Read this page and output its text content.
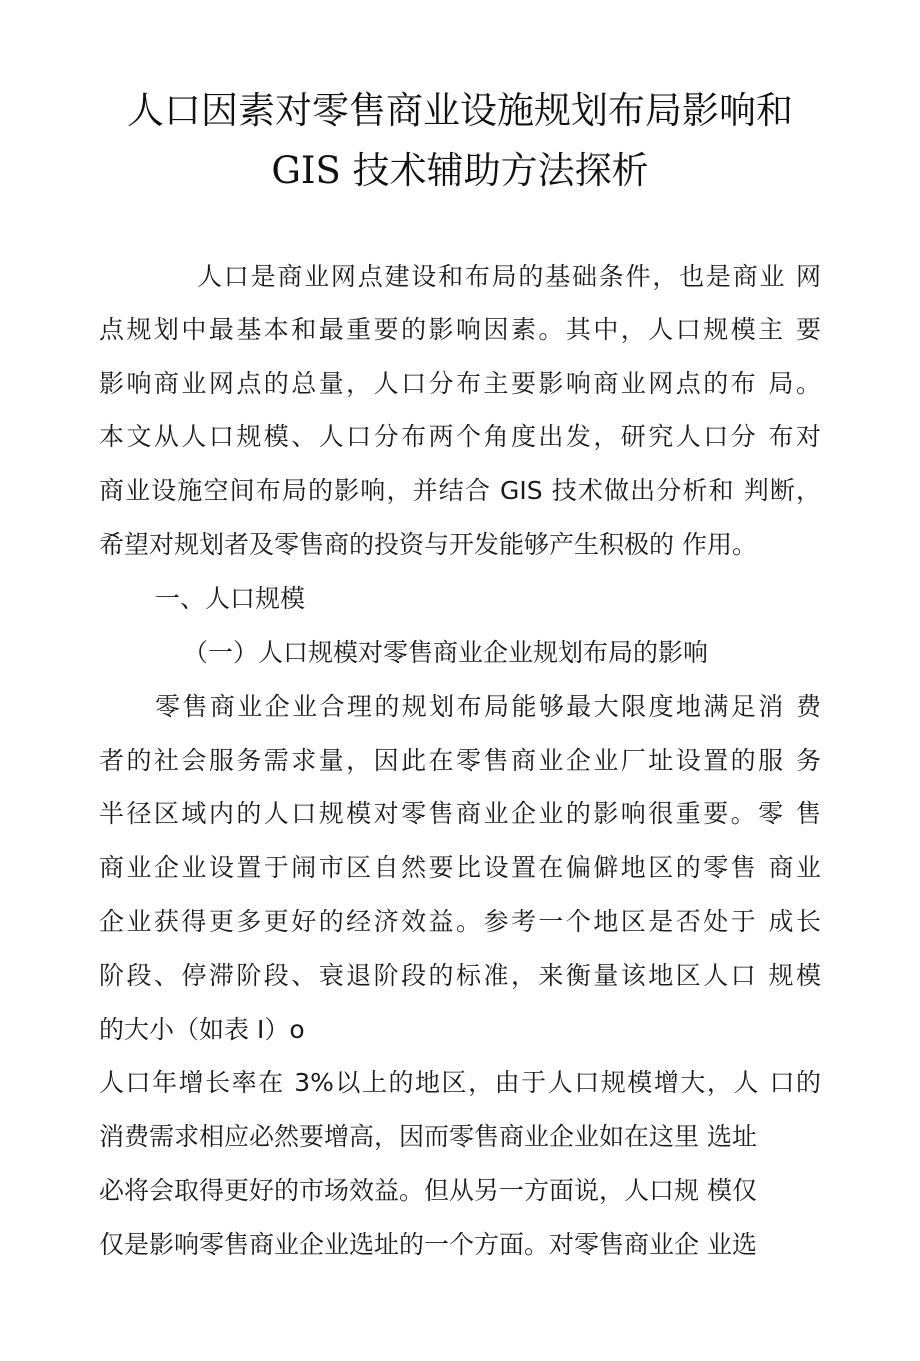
人口因素对零售商业设施规划布局影响和
GIS 技术辅助方法探析
人口是商业网点建设和布局的基础条件，也是商业 网
点规划中最基本和最重要的影响因素。其中，人口规模主 要
影响商业网点的总量，人口分布主要影响商业网点的布 局。
本文从人口规模、人口分布两个角度出发，研究人口分 布对
商业设施空间布局的影响，并结合 GIS 技术做出分析和 判断，
希望对规划者及零售商的投资与开发能够产生积极的 作用。
一、人口规模
（一）人口规模对零售商业企业规划布局的影响
零售商业企业合理的规划布局能够最大限度地满足消 费
者的社会服务需求量，因此在零售商业企业厂址设置的服 务
半径区域内的人口规模对零售商业企业的影响很重要。零 售
商业企业设置于闹市区自然要比设置在偏僻地区的零售 商业
企业获得更多更好的经济效益。参考一个地区是否处于 成长
阶段、停滞阶段、衰退阶段的标准，来衡量该地区人口 规模
的大小（如表 I）o
人口年增长率在 3%以上的地区，由于人口规模增大，人 口的
消费需求相应必然要增高，因而零售商业企业如在这里 选址
必将会取得更好的市场效益。但从另一方面说，人口规 模仅
仅是影响零售商业企业选址的一个方面。对零售商业企 业选
